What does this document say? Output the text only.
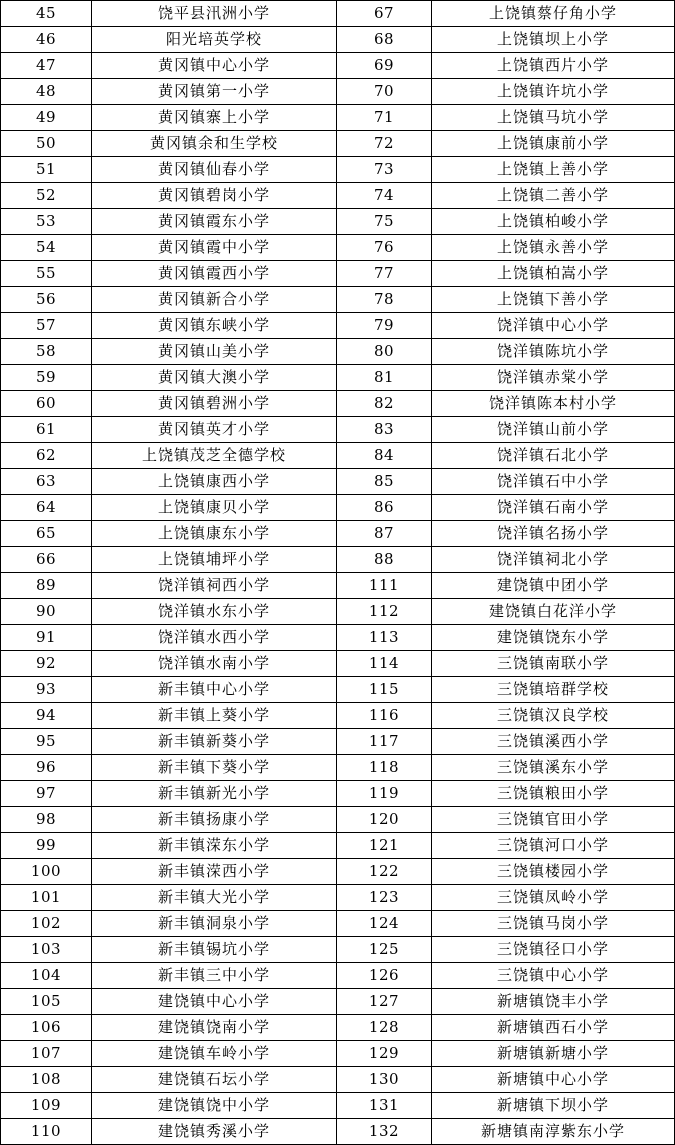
45	饶平县汛洲小学	67	上饶镇蔡仔角小学
46	阳光培英学校	68	上饶镇坝上小学
47	黄冈镇中心小学	69	上饶镇西片小学
48	黄冈镇第一小学	70	上饶镇许坑小学
49	黄冈镇寨上小学	71	上饶镇马坑小学
50	黄冈镇余和生学校	72	上饶镇康前小学
51	黄冈镇仙春小学	73	上饶镇上善小学
52	黄冈镇碧岗小学	74	上饶镇二善小学
53	黄冈镇霞东小学	75	上饶镇柏峻小学
54	黄冈镇霞中小学	76	上饶镇永善小学
55	黄冈镇霞西小学	77	上饶镇柏嵩小学
56	黄冈镇新合小学	78	上饶镇下善小学
57	黄冈镇东峡小学	79	饶洋镇中心小学
58	黄冈镇山美小学	80	饶洋镇陈坑小学
59	黄冈镇大澳小学	81	饶洋镇赤棠小学
60	黄冈镇碧洲小学	82	饶洋镇陈本村小学
61	黄冈镇英才小学	83	饶洋镇山前小学
62	上饶镇茂芝全德学校	84	饶洋镇石北小学
63	上饶镇康西小学	85	饶洋镇石中小学
64	上饶镇康贝小学	86	饶洋镇石南小学
65	上饶镇康东小学	87	饶洋镇名扬小学
66	上饶镇埔坪小学	88	饶洋镇祠北小学
89	饶洋镇祠西小学	111	建饶镇中团小学
90	饶洋镇水东小学	112	建饶镇白花洋小学
91	饶洋镇水西小学	113	建饶镇饶东小学
92	饶洋镇水南小学	114	三饶镇南联小学
93	新丰镇中心小学	115	三饶镇培群学校
94	新丰镇上葵小学	116	三饶镇汉良学校
95	新丰镇新葵小学	117	三饶镇溪西小学
96	新丰镇下葵小学	118	三饶镇溪东小学
97	新丰镇新光小学	119	三饶镇粮田小学
98	新丰镇扬康小学	120	三饶镇官田小学
99	新丰镇溁东小学	121	三饶镇河口小学
100	新丰镇溁西小学	122	三饶镇楼园小学
101	新丰镇大光小学	123	三饶镇凤岭小学
102	新丰镇洞泉小学	124	三饶镇马岗小学
103	新丰镇锡坑小学	125	三饶镇径口小学
104	新丰镇三中小学	126	三饶镇中心小学
105	建饶镇中心小学	127	新塘镇饶丰小学
106	建饶镇饶南小学	128	新塘镇西石小学
107	建饶镇车岭小学	129	新塘镇新塘小学
108	建饶镇石坛小学	130	新塘镇中心小学
109	建饶镇饶中小学	131	新塘镇下坝小学
110	建饶镇秀溪小学	132	新塘镇南淳紫东小学
